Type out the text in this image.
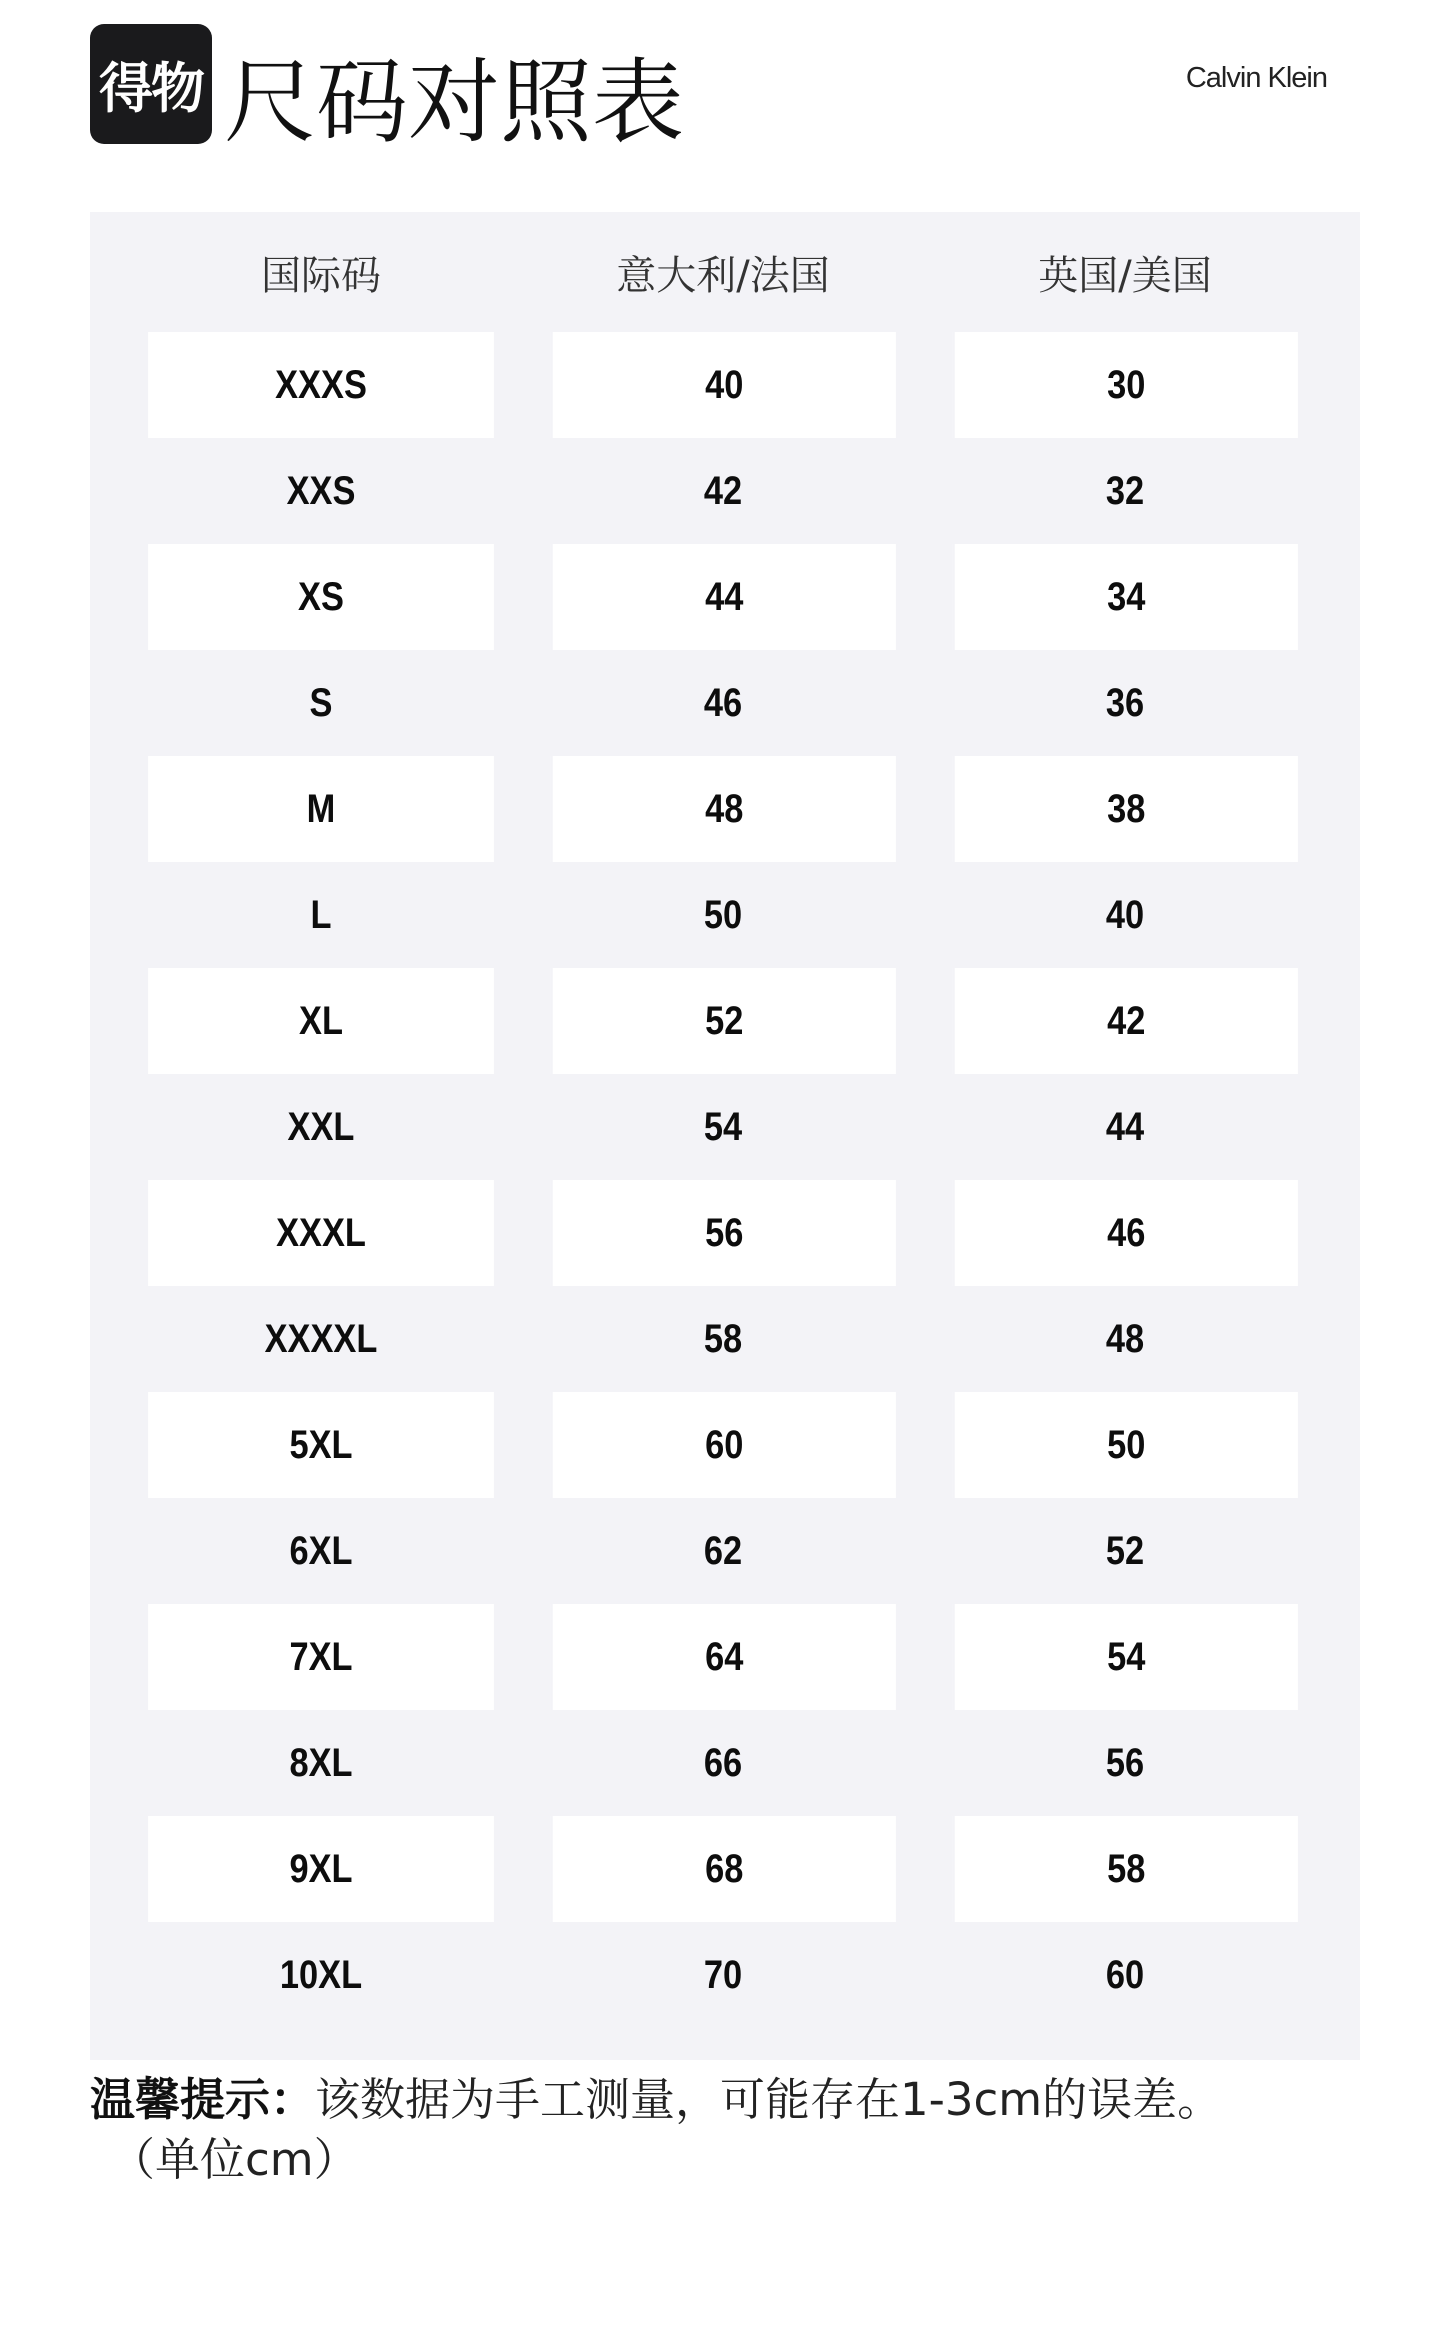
得物 尺码对照表	Calvin Klein
国际码	意大利/法国	英国/美国
XXXS	40	30
XXS	42	32
XS	44	34
S	46	36
M	48	38
L	50	40
XL	52	42
XXL	54	44
XXXL	56	46
XXXXL	58	48
5XL	60	50
6XL	62	52
7XL	64	54
8XL	66	56
9XL	68	58
10XL	70	60

温馨提示：该数据为手工测量，可能存在1-3cm的误差。
（单位cm）
